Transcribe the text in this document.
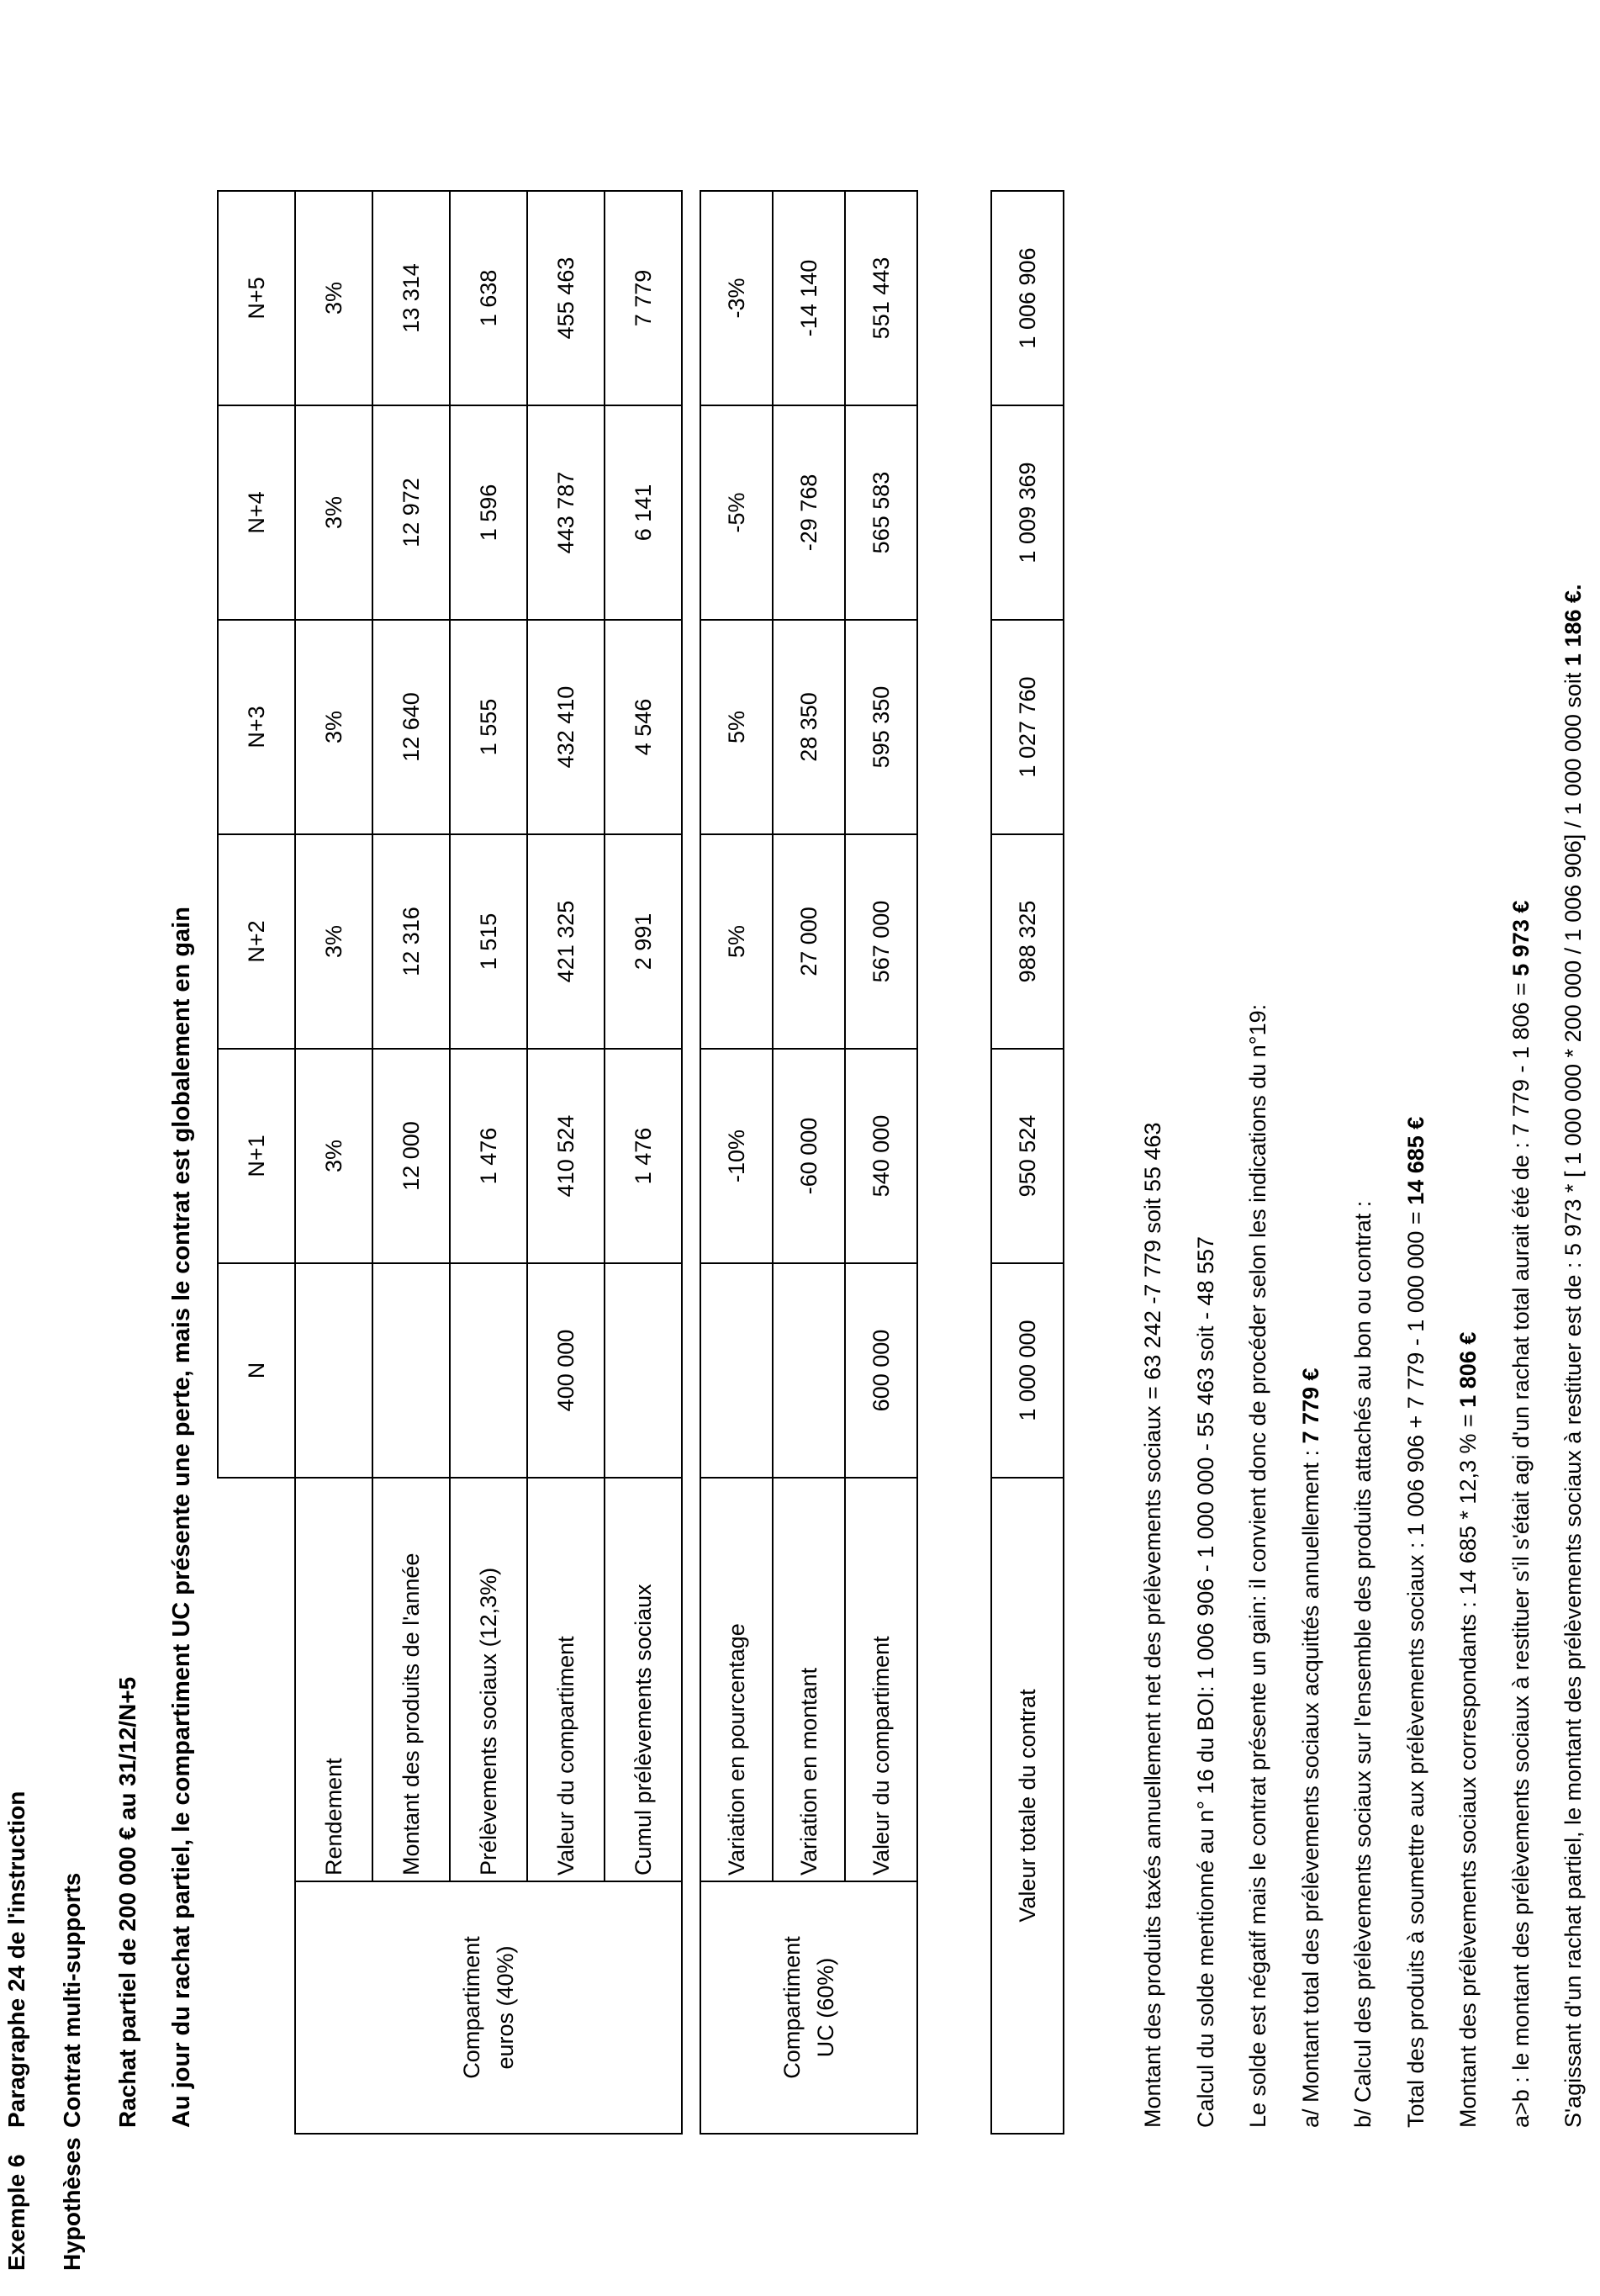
Exemple 6
Paragraphe 24 de l'instruction
Hypothèses
Contrat multi-supports Rachat partiel de 200 000 € au 31/12/N+5 Au jour du rachat partiel, le compartiment UC présente une perte, mais le contrat est globalement en gain
		N	N+1	N+2	N+3	N+4	N+5
Compartiment euros (40%)	Rendement		3%	3%	3%	3%	3%
	Montant des produits de l'année		12 000	12 316	12 640	12 972	13 314
	Prélèvements sociaux (12,3%)		1 476	1 515	1 555	1 596	1 638
	Valeur du compartiment	400 000	410 524	421 325	432 410	443 787	455 463
	Cumul prélèvements sociaux		1 476	2 991	4 546	6 141	7 779
Compartiment UC (60%)	Variation en pourcentage		-10%	5%	5%	-5%	-3%
	Variation en montant		-60 000	27 000	28 350	-29 768	-14 140
	Valeur du compartiment	600 000	540 000	567 000	595 350	565 583	551 443
Valeur totale du contrat	1 000 000	950 524	988 325	1 027 760	1 009 369	1 006 906

Montant des produits taxés annuellement net des prélèvements sociaux = 63 242 -7 779 soit 55 463	Calcul du solde mentionné au n° 16 du BOI: 1 006 906 - 1 000 000 - 55 463 soit - 48 557	Le solde est négatif mais le contrat présente un gain: il convient donc de procéder selon les indications du n°19:	a/ Montant total des prélèvements sociaux acquittés annuellement : 7 779 €	b/ Calcul des prélèvements sociaux sur l'ensemble des produits attachés au bon ou contrat :	Total des produits à soumettre aux prélèvements sociaux : 1 006 906 + 7 779 - 1 000 000 = 14 685 €

Montant des prélèvements sociaux correspondants : 14 685 * 12,3 % = 1 806 €	a>b : le montant des prélèvements sociaux à restituer s'il s'était agi d'un rachat total aurait été de : 7 779 - 1 806 = 5 973 €	S'agissant d'un rachat partiel, le montant des prélèvements sociaux à restituer est de : 5 973 * [ 1 000 000 * 200 000 / 1 006 906] / 1 000 000 soit 1 186 €.
